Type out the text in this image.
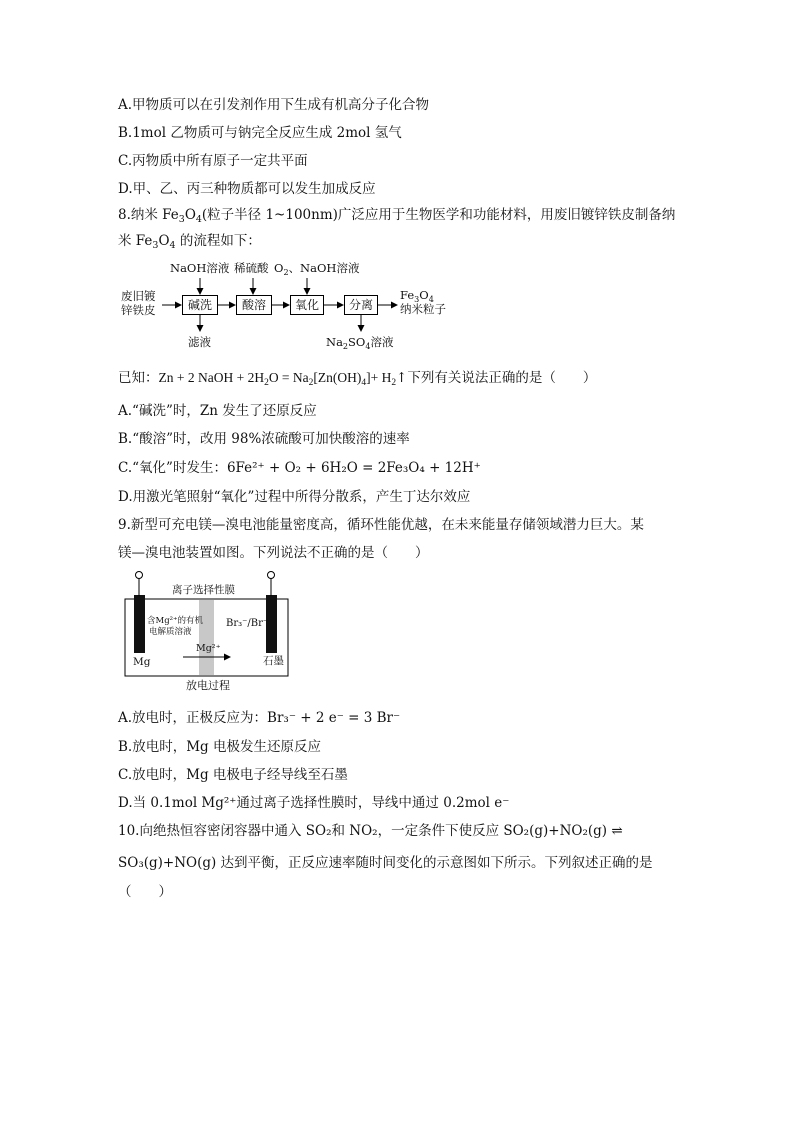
A.甲物质可以在引发剂作用下生成有机高分子化合物
B.1mol 乙物质可与钠完全反应生成 2mol 氢气
C.丙物质中所有原子一定共平面
D.甲、乙、丙三种物质都可以发生加成反应
8.纳米 $Fe_3O_4$(粒子半径 1~100nm)广泛应用于生物医学和功能材料，用废旧镀锌铁皮制备纳
米 $Fe_3O_4$ 的流程如下：
废旧镀
锌铁皮
NaOH溶液 稀硫酸 $O_2$、NaOH溶液
碱洗	酸溶	氧化	分离
$Fe_3O_4$
纳米粒子
滤液	$Na_2SO_4$溶液
已知：Zn + 2 NaOH + $2H_2O = Na_2[Zn(OH)_4]+$ $H_2↑$下列有关说法正确的是（　　）
A.“碱洗”时，Zn 发生了还原反应
B.“酸溶”时，改用 98%浓硫酸可加快酸溶的速率
C.“氧化”时发生：6Fe²⁺ + O₂ + 6H₂O = 2Fe₃O₄ + 12H⁺
D.用激光笔照射“氧化”过程中所得分散系，产生丁达尔效应
9.新型可充电镁—溴电池能量密度高，循环性能优越，在未来能量存储领域潜力巨大。某
镁—溴电池装置如图。下列说法不正确的是（　　）
离子选择性膜
含Mg²⁺的有机
电解质溶液
Br₃⁻/Br⁻
Mg²⁺
Mg	石墨
放电过程
A.放电时，正极反应为：Br₃⁻ + 2 e⁻ = 3 Br⁻
B.放电时，Mg 电极发生还原反应
C.放电时，Mg 电极电子经导线至石墨
D.当 0.1mol Mg²⁺通过离子选择性膜时，导线中通过 0.2mol e⁻
10.向绝热恒容密闭容器中通入 SO₂和 NO₂，一定条件下使反应 SO₂(g)+NO₂(g) ⇌
SO₃(g)+NO(g) 达到平衡，正反应速率随时间变化的示意图如下所示。下列叙述正确的是
（　　）
